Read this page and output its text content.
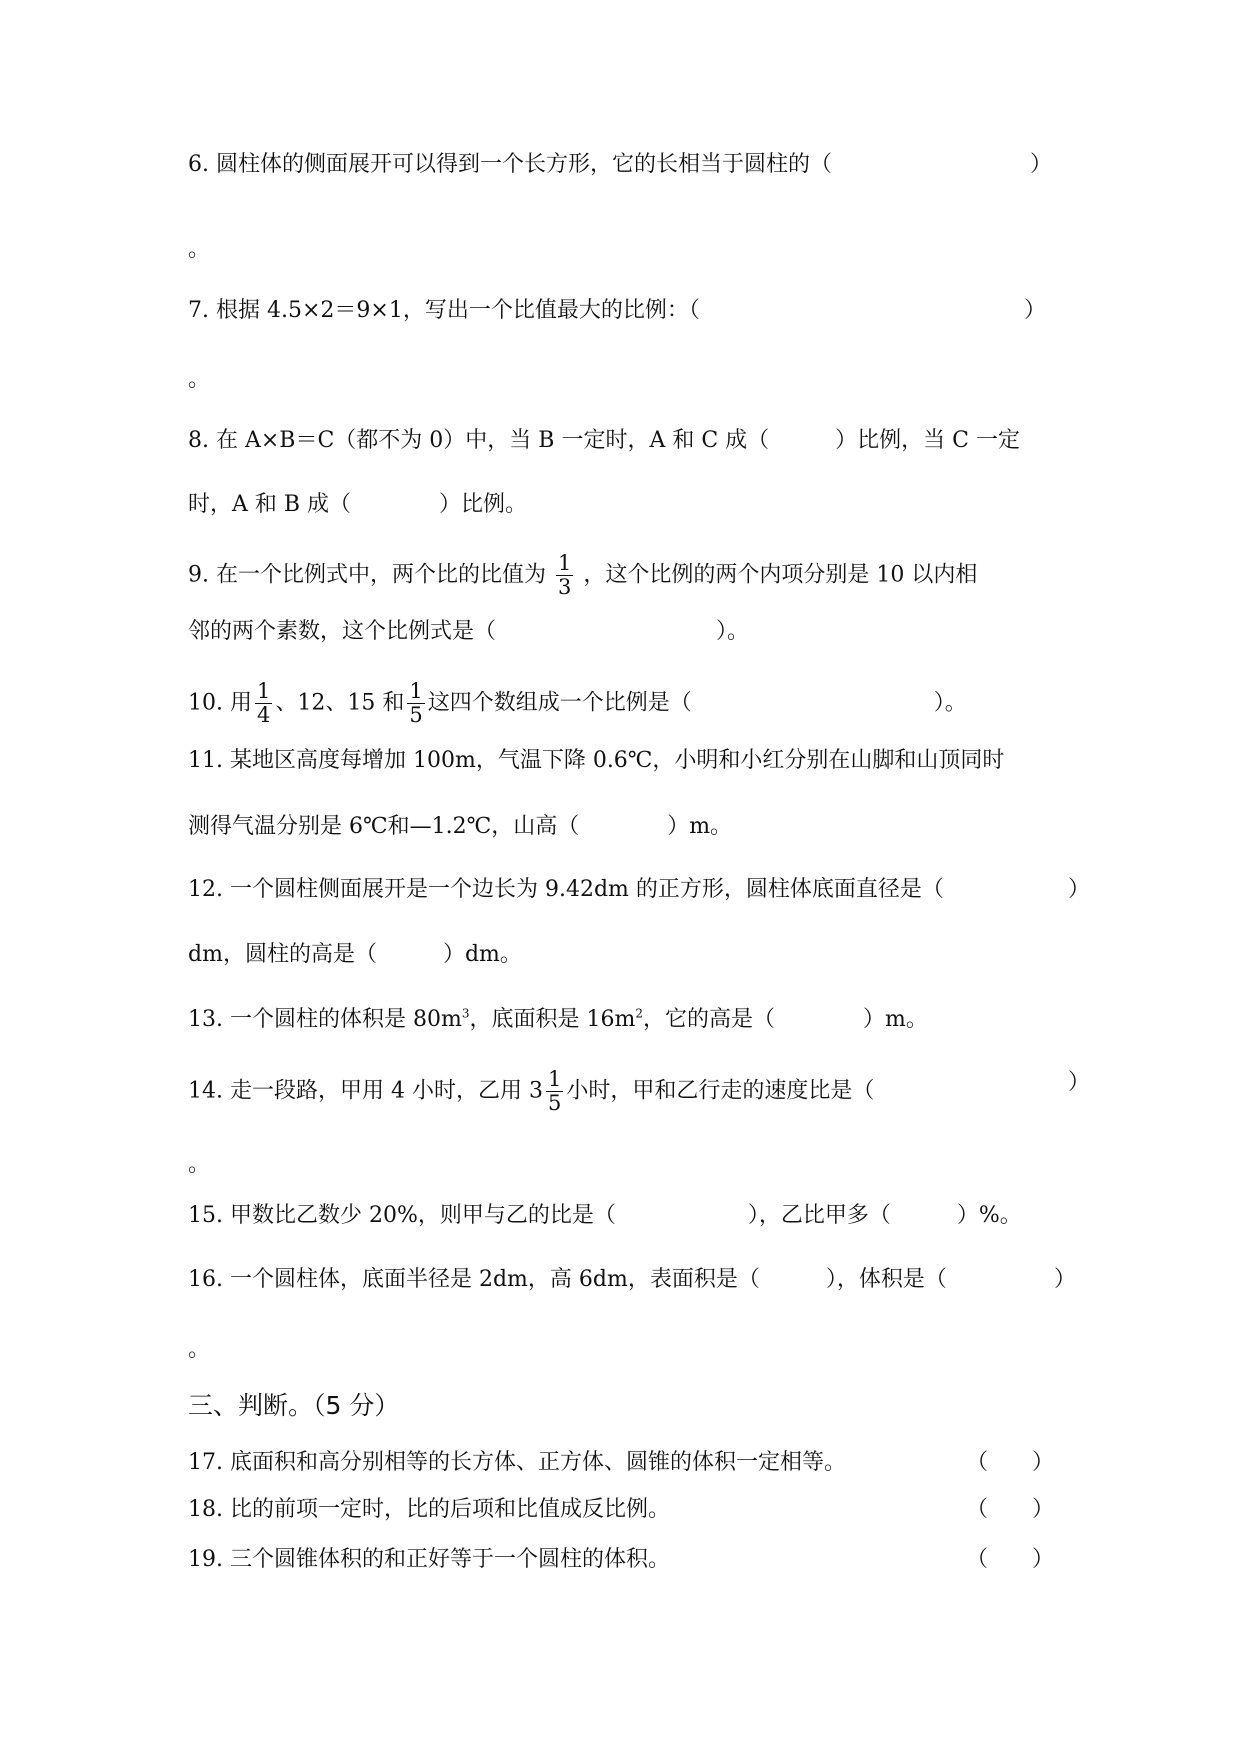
6. 圆柱体的侧面展开可以得到一个长方形，它的长相当于圆柱的（	）
。
7. 根据 4.5×2＝9×1，写出一个比值最大的比例：（	）
。
8. 在 A×B＝C（都不为 0）中，当 B 一定时，A 和 C 成（　　　）比例，当 C 一定
时，A 和 B 成（　　　　）比例。
9. 在一个比例式中，两个比的比值为 $\frac{1}{3}$ ，这个比例的两个内项分别是 10 以内相
邻的两个素数，这个比例式是（　　　　　　　　　　）。
10. 用 $\frac{1}{4}$ 、12、15 和 $\frac{1}{5}$ 这四个数组成一个比例是（　　　　　　　　　　　）。
11. 某地区高度每增加 100m，气温下降 0.6℃，小明和小红分别在山脚和山顶同时
测得气温分别是 6℃和—1.2℃，山高（　　　　）m。
12. 一个圆柱侧面展开是一个边长为 9.42dm 的正方形，圆柱体底面直径是（	）
dm，圆柱的高是（　　　）dm。
13. 一个圆柱的体积是 $80m^3$，底面积是 $16m^2$，它的高是（　　　　）m。
14. 走一段路，甲用 4 小时，乙用 $3 \frac{1}{5}$ 小时，甲和乙行走的速度比是（	）
。
15. 甲数比乙数少 20%，则甲与乙的比是（　　　　　　），乙比甲多（　　　）%。
16. 一个圆柱体，底面半径是 2dm，高 6dm，表面积是（　　　），体积是（	）
。
三、判断。（5 分）
17. 底面积和高分别相等的长方体、正方体、圆锥的体积一定相等。	（　　）
18. 比的前项一定时，比的后项和比值成反比例。	（　　）
19. 三个圆锥体积的和正好等于一个圆柱的体积。	（　　）
